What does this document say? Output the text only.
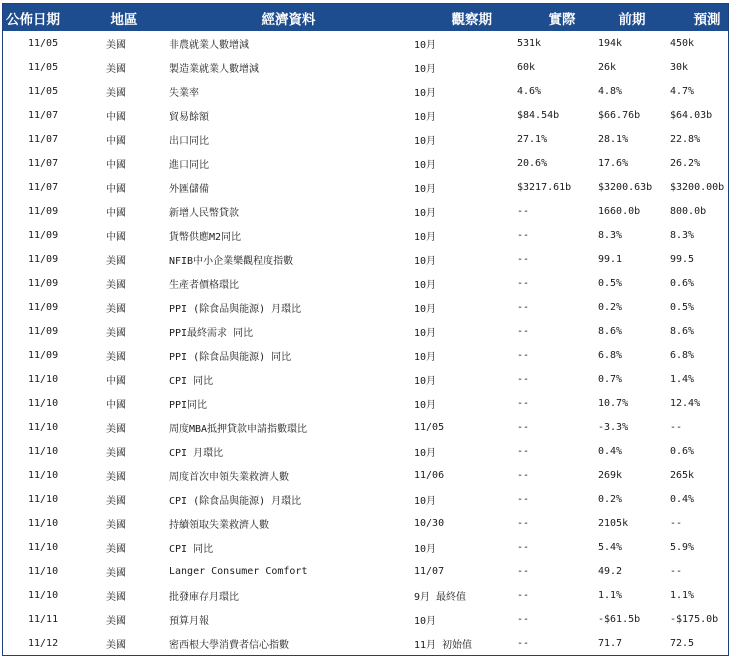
公佈日期	地區	經濟資料	觀察期	實際	前期	預測
11/05	美國	非農就業人數增減	10月	531k	194k	450k
11/05	美國	製造業就業人數增減	10月	60k	26k	30k
11/05	美國	失業率	10月	4.6%	4.8%	4.7%
11/07	中國	貿易餘額	10月	$84.54b	$66.76b	$64.03b
11/07	中國	出口同比	10月	27.1%	28.1%	22.8%
11/07	中國	進口同比	10月	20.6%	17.6%	26.2%
11/07	中國	外匯儲備	10月	$3217.61b	$3200.63b	$3200.00b
11/09	中國	新增人民幣貸款	10月	--	1660.0b	800.0b
11/09	中國	貨幣供應M2同比	10月	--	8.3%	8.3%
11/09	美國	NFIB中小企業樂觀程度指數	10月	--	99.1	99.5
11/09	美國	生產者價格環比	10月	--	0.5%	0.6%
11/09	美國	PPI (除食品與能源) 月環比	10月	--	0.2%	0.5%
11/09	美國	PPI最終需求 同比	10月	--	8.6%	8.6%
11/09	美國	PPI (除食品與能源) 同比	10月	--	6.8%	6.8%
11/10	中國	CPI 同比	10月	--	0.7%	1.4%
11/10	中國	PPI同比	10月	--	10.7%	12.4%
11/10	美國	周度MBA抵押貸款申請指數環比	11/05	--	-3.3%	--
11/10	美國	CPI 月環比	10月	--	0.4%	0.6%
11/10	美國	周度首次申領失業救濟人數	11/06	--	269k	265k
11/10	美國	CPI (除食品與能源) 月環比	10月	--	0.2%	0.4%
11/10	美國	持續領取失業救濟人數	10/30	--	2105k	--
11/10	美國	CPI 同比	10月	--	5.4%	5.9%
11/10	美國	Langer Consumer Comfort	11/07	--	49.2	--
11/10	美國	批發庫存月環比	9月 最終值	--	1.1%	1.1%
11/11	美國	預算月報	10月	--	-$61.5b	-$175.0b
11/12	美國	密西根大學消費者信心指數	11月 初始值	--	71.7	72.5
